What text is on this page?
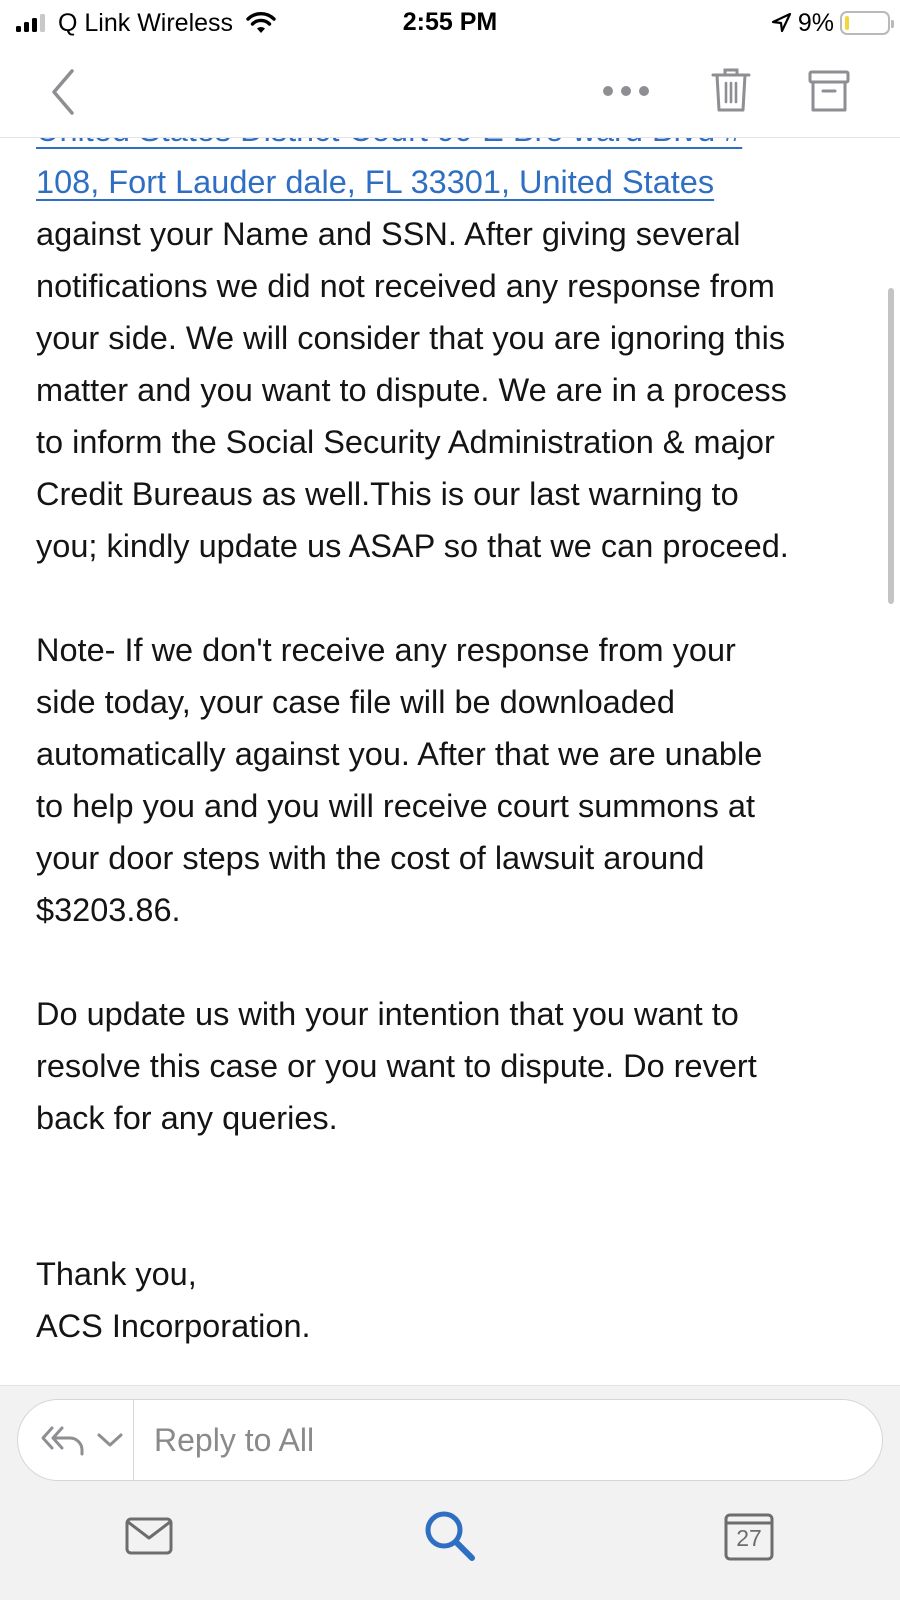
108, Fort Lauder dale, FL 33301, United States

against your Name and SSN. After giving several
notifications we did not received any response from
your side. We will consider that you are ignoring this
matter and you want to dispute. We are in a process
to inform the Social Security Administration & major
Credit Bureaus as well.This is our last warning to
you; kindly update us ASAP so that we can proceed.

Note- If we don't receive any response from your
side today, your case file will be downloaded
automatically against you. After that we are unable
to help you and you will receive court summons at
your door steps with the cost of lawsuit around
$3203.86.

Do update us with your intention that you want to
resolve this case or you want to dispute. Do revert
back for any queries.

Thank you,

ACS Incorporation.

Q Link Wireless	2:55 PM	9%
Reply to All
27
